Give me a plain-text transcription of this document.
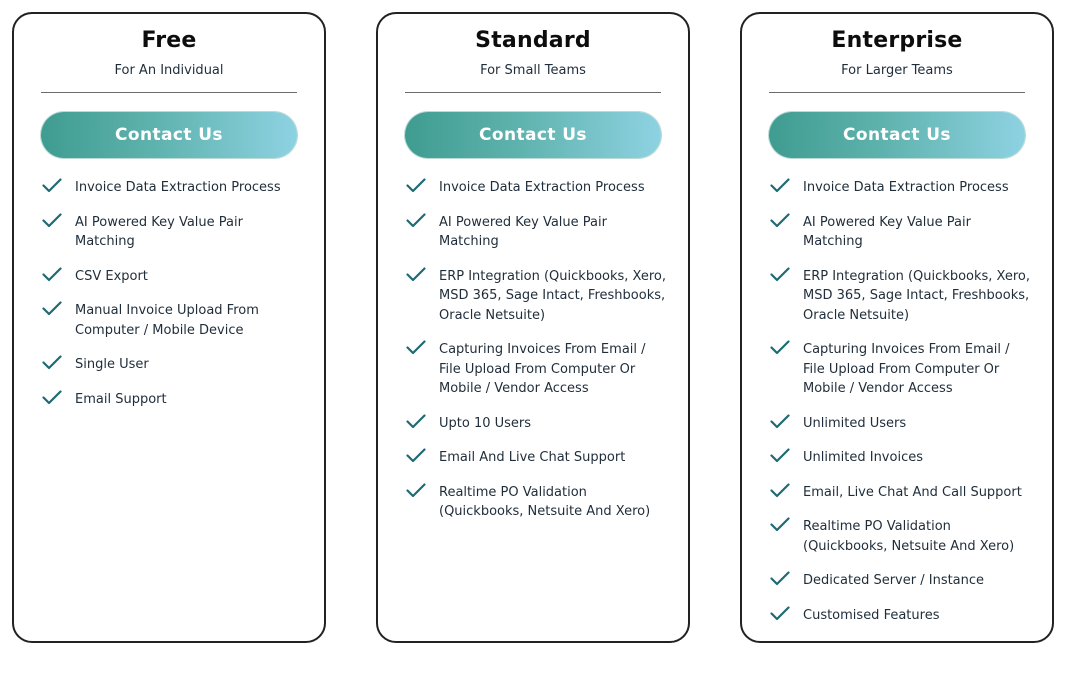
Free
For An Individual
Contact Us
Invoice Data Extraction Process
AI Powered Key Value Pair Matching
CSV Export
Manual Invoice Upload From Computer / Mobile Device
Single User
Email Support
Standard
For Small Teams
Contact Us
Invoice Data Extraction Process
AI Powered Key Value Pair Matching
ERP Integration (Quickbooks, Xero, MSD 365, Sage Intact, Freshbooks, Oracle Netsuite)
Capturing Invoices From Email / File Upload From Computer Or Mobile / Vendor Access
Upto 10 Users
Email And Live Chat Support
Realtime PO Validation (Quickbooks, Netsuite And Xero)
Enterprise
For Larger Teams
Contact Us
Invoice Data Extraction Process
AI Powered Key Value Pair Matching
ERP Integration (Quickbooks, Xero, MSD 365, Sage Intact, Freshbooks, Oracle Netsuite)
Capturing Invoices From Email / File Upload From Computer Or Mobile / Vendor Access
Unlimited Users
Unlimited Invoices
Email, Live Chat And Call Support
Realtime PO Validation (Quickbooks, Netsuite And Xero)
Dedicated Server / Instance
Customised Features
